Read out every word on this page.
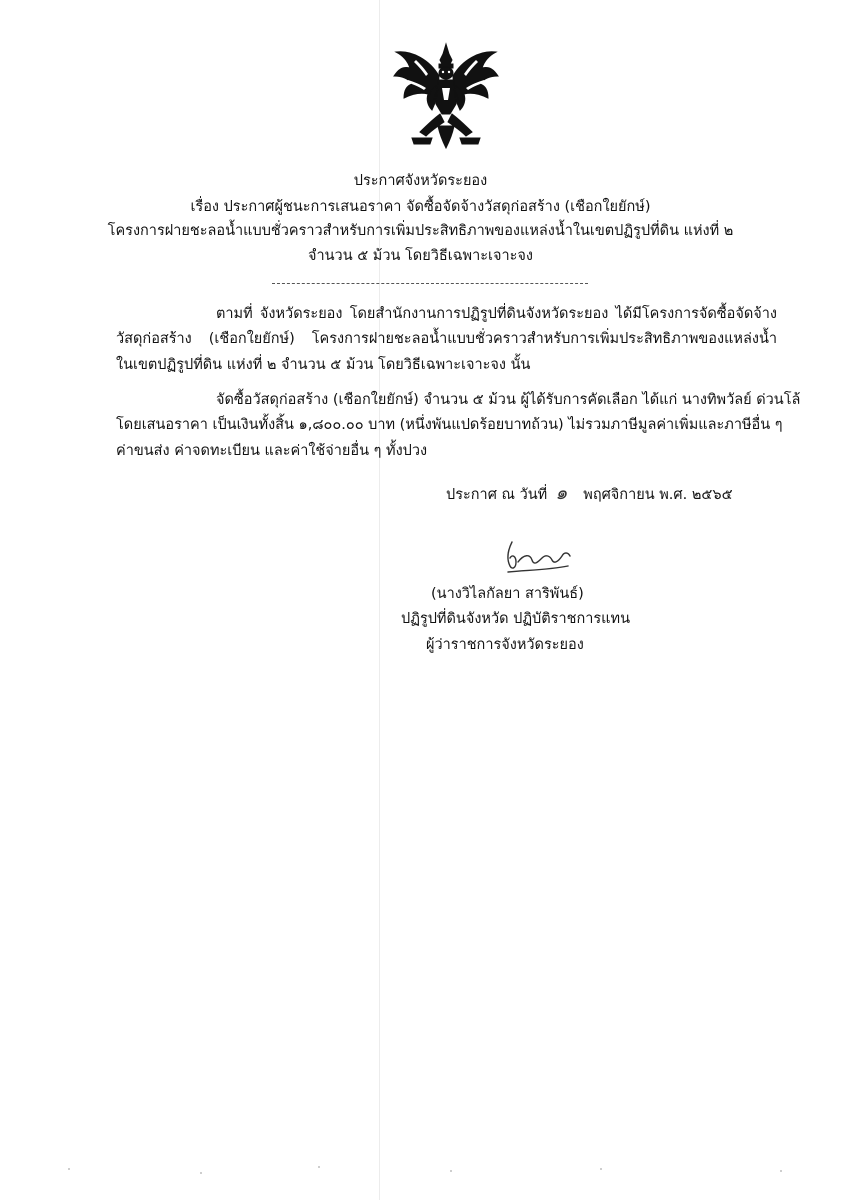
ประกาศจังหวัดระยอง
เรื่อง ประกาศผู้ชนะการเสนอราคา จัดซื้อจัดจ้างวัสดุก่อสร้าง (เชือกใยยักษ์)
โครงการฝายชะลอน้ำแบบชั่วคราวสำหรับการเพิ่มประสิทธิภาพของแหล่งน้ำในเขตปฏิรูปที่ดิน แห่งที่ ๒
จำนวน ๕ ม้วน โดยวิธีเฉพาะเจาะจง
ตามที่ จังหวัดระยอง โดยสำนักงานการปฏิรูปที่ดินจังหวัดระยอง ได้มีโครงการจัดซื้อจัดจ้าง
วัสดุก่อสร้าง (เชือกใยยักษ์) โครงการฝายชะลอน้ำแบบชั่วคราวสำหรับการเพิ่มประสิทธิภาพของแหล่งน้ำ
ในเขตปฏิรูปที่ดิน แห่งที่ ๒ จำนวน ๕ ม้วน โดยวิธีเฉพาะเจาะจง นั้น
จัดซื้อวัสดุก่อสร้าง (เชือกใยยักษ์) จำนวน ๕ ม้วน ผู้ได้รับการคัดเลือก ได้แก่ นางทิพวัลย์ ด่วนโล้
โดยเสนอราคา เป็นเงินทั้งสิ้น ๑,๘๐๐.๐๐ บาท (หนึ่งพันแปดร้อยบาทถ้วน) ไม่รวมภาษีมูลค่าเพิ่มและภาษีอื่น ๆ
ค่าขนส่ง ค่าจดทะเบียน และค่าใช้จ่ายอื่น ๆ ทั้งปวง
ประกาศ ณ วันที่ ๑ พฤศจิกายน พ.ศ. ๒๕๖๕
(นางวิไลกัลยา สาริพันธ์)
ปฏิรูปที่ดินจังหวัด ปฏิบัติราชการแทน
ผู้ว่าราชการจังหวัดระยอง
